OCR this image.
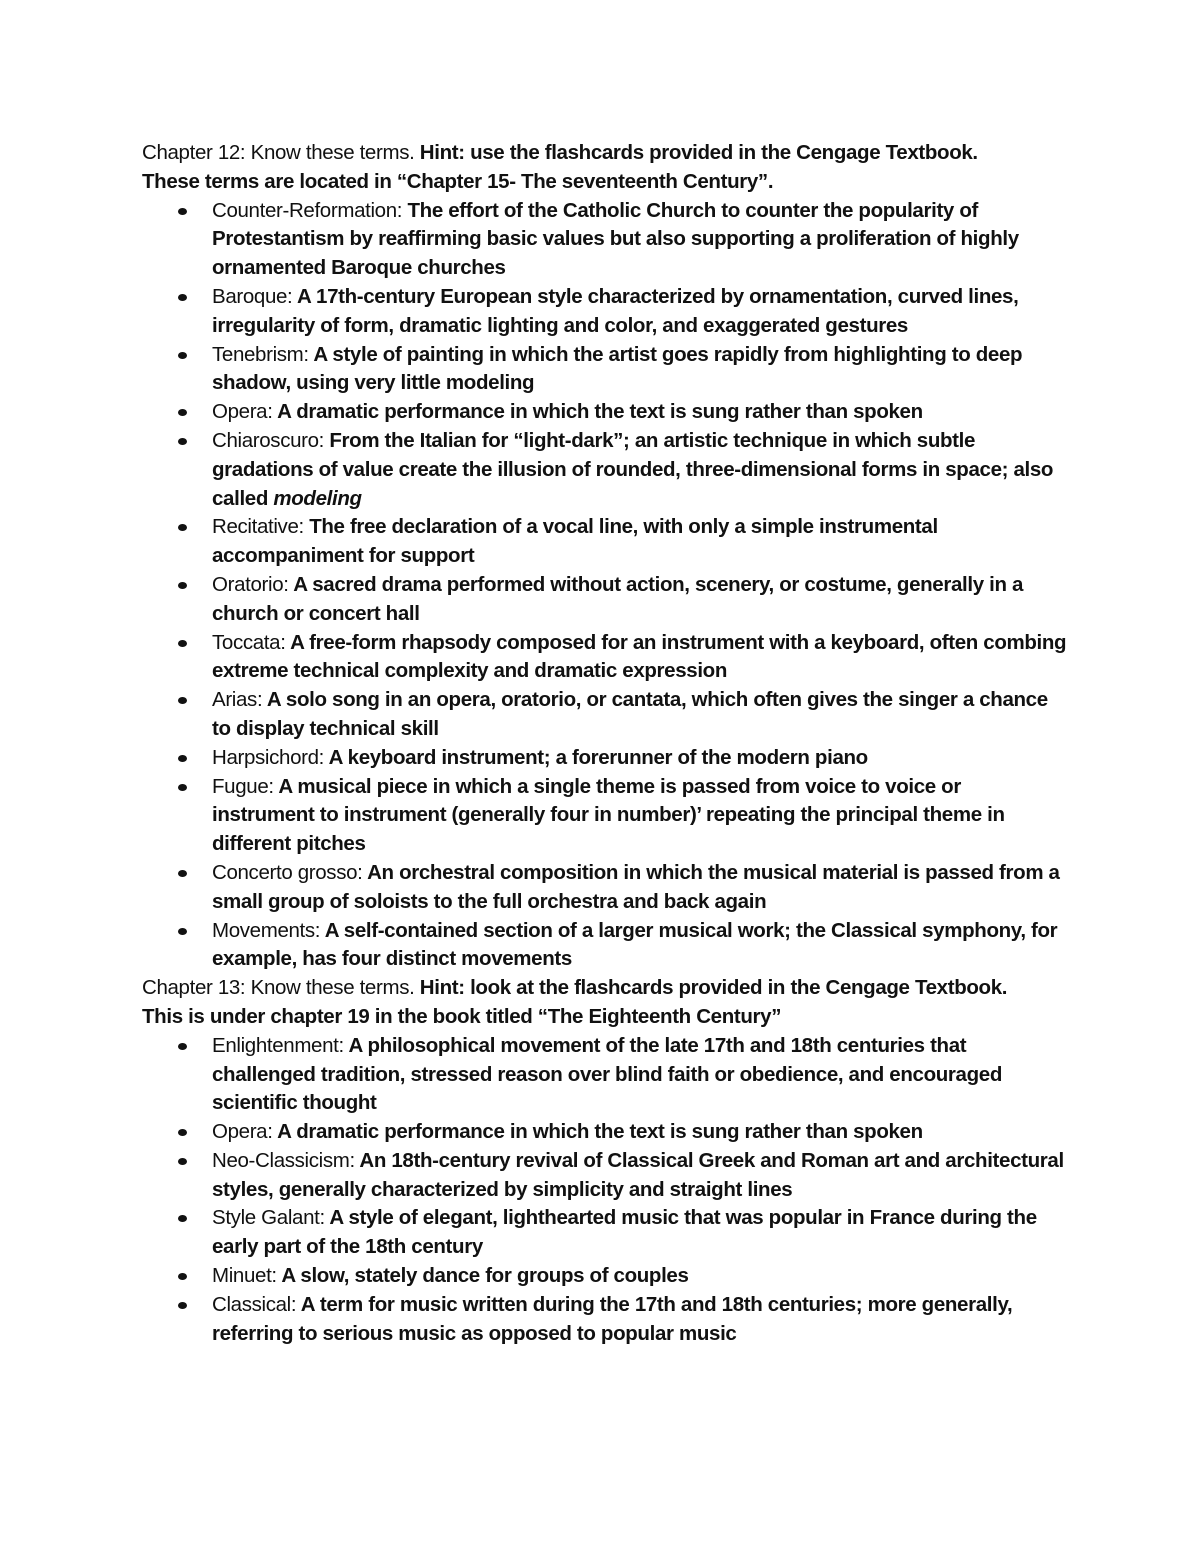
Chapter 12: Know these terms. Hint: use the flashcards provided in the Cengage Textbook.

These terms are located in “Chapter 15- The seventeenth Century”.

Counter-Reformation: The effort of the Catholic Church to counter the popularity of Protestantism by reaffirming basic values but also supporting a proliferation of highly ornamented Baroque churches
Baroque: A 17th-century European style characterized by ornamentation, curved lines, irregularity of form, dramatic lighting and color, and exaggerated gestures
Tenebrism: A style of painting in which the artist goes rapidly from highlighting to deep shadow, using very little modeling
Opera: A dramatic performance in which the text is sung rather than spoken
Chiaroscuro: From the Italian for “light-dark”; an artistic technique in which subtle gradations of value create the illusion of rounded, three-dimensional forms in space; also called modeling
Recitative: The free declaration of a vocal line, with only a simple instrumental accompaniment for support
Oratorio: A sacred drama performed without action, scenery, or costume, generally in a church or concert hall
Toccata: A free-form rhapsody composed for an instrument with a keyboard, often combing extreme technical complexity and dramatic expression
Arias: A solo song in an opera, oratorio, or cantata, which often gives the singer a chance to display technical skill
Harpsichord: A keyboard instrument; a forerunner of the modern piano
Fugue: A musical piece in which a single theme is passed from voice to voice or instrument to instrument (generally four in number)’ repeating the principal theme in different pitches
Concerto grosso: An orchestral composition in which the musical material is passed from a small group of soloists to the full orchestra and back again
Movements: A self-contained section of a larger musical work; the Classical symphony, for example, has four distinct movements

Chapter 13: Know these terms. Hint: look at the flashcards provided in the Cengage Textbook.

This is under chapter 19 in the book titled “The Eighteenth Century”

Enlightenment: A philosophical movement of the late 17th and 18th centuries that challenged tradition, stressed reason over blind faith or obedience, and encouraged scientific thought
Opera: A dramatic performance in which the text is sung rather than spoken
Neo-Classicism: An 18th-century revival of Classical Greek and Roman art and architectural styles, generally characterized by simplicity and straight lines
Style Galant: A style of elegant, lighthearted music that was popular in France during the early part of the 18th century
Minuet: A slow, stately dance for groups of couples
Classical: A term for music written during the 17th and 18th centuries; more generally, referring to serious music as opposed to popular music
